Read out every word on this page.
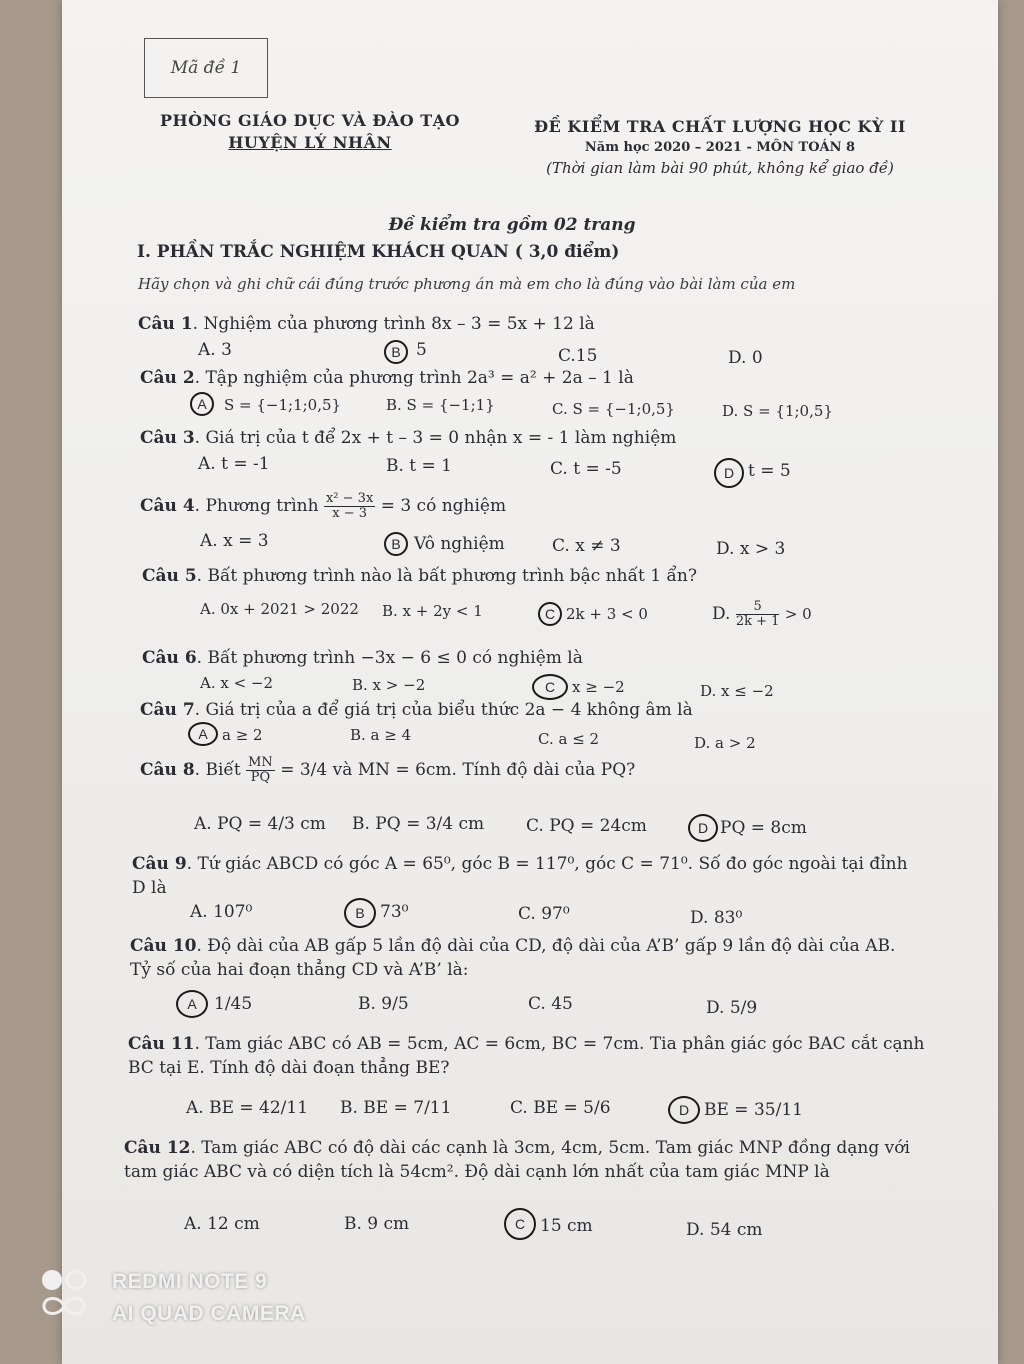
Mã đề 1
PHÒNG GIÁO DỤC VÀ ĐÀO TẠO
HUYỆN LÝ NHÂN
ĐỀ KIỂM TRA CHẤT LƯỢNG HỌC KỲ II
Năm học 2020 – 2021 - MÔN TOÁN 8
(Thời gian làm bài 90 phút, không kể giao đề)
Đề kiểm tra gồm 02 trang
I. PHẦN TRẮC NGHIỆM KHÁCH QUAN ( 3,0 điểm)
Hãy chọn và ghi chữ cái đúng trước phương án mà em cho là đúng vào bài làm của em
Câu 1. Nghiệm của phương trình 8x – 3 = 5x + 12 là
A. 3	B 5	C.15	D. 0
Câu 2. Tập nghiệm của phương trình 2a³ = a² + 2a – 1 là
A	S = {−1;1;0,5}	B. S = {−1;1}	C. S = {−1;0,5}	D. S = {1;0,5}
Câu 3. Giá trị của t để 2x + t – 3 = 0 nhận x = - 1 làm nghiệm
A. t = -1	B. t = 1	C. t = -5	D t = 5
Câu 4. Phương trình $\frac{\text{x² − 3x}}{x - 3} = 3$ có nghiệm
A. x = 3	B Vô nghiệm	C. x ≠ 3	D. x > 3
Câu 5. Bất phương trình nào là bất phương trình bậc nhất 1 ẩn?
A. 0x + 2021 > 2022 B. x + 2y < 1	C 2k + 3 < 0	D. $\frac{5}{2k + 1} > 0$
Câu 6. Bất phương trình −3x − 6 ≤ 0 có nghiệm là
A. x < −2	B. x > −2	C	x ≥ −2	D. x ≤ −2
Câu 7. Giá trị của a để giá trị của biểu thức 2a − 4 không âm là
A a ≥ 2	B. a ≥ 4	C. a ≤ 2	D. a > 2
Câu 8. Biết $\frac{MN}{PQ} = 3/4$ và MN = 6cm. Tính độ dài của PQ?
A. PQ = 4/3 cm B. PQ = 3/4 cm C. PQ = 24cm	D PQ = 8cm
Câu 9. Tứ giác ABCD có góc A = 65⁰, góc B = 117⁰, góc C = 71⁰. Số đo góc ngoài tại đỉnh D là
A. 107⁰	B 73⁰	C. 97⁰	D. 83⁰
Câu 10. Độ dài của AB gấp 5 lần độ dài của CD, độ dài của A’B’ gấp 9 lần độ dài của AB. Tỷ số của hai đoạn thẳng CD và A’B’ là:
A	1/45	B. 9/5	C. 45	D. 5/9
Câu 11. Tam giác ABC có AB = 5cm, AC = 6cm, BC = 7cm. Tia phân giác góc BAC cắt cạnh BC tại E. Tính độ dài đoạn thẳng BE?
A. BE = 42/11 B. BE = 7/11	C. BE = 5/6	D BE = 35/11
Câu 12. Tam giác ABC có độ dài các cạnh là 3cm, 4cm, 5cm. Tam giác MNP đồng dạng với tam giác ABC và có diện tích là 54cm². Độ dài cạnh lớn nhất của tam giác MNP là
A. 12 cm	B. 9 cm	C 15 cm	D. 54 cm
REDMI NOTE 9
AI QUAD CAMERA
